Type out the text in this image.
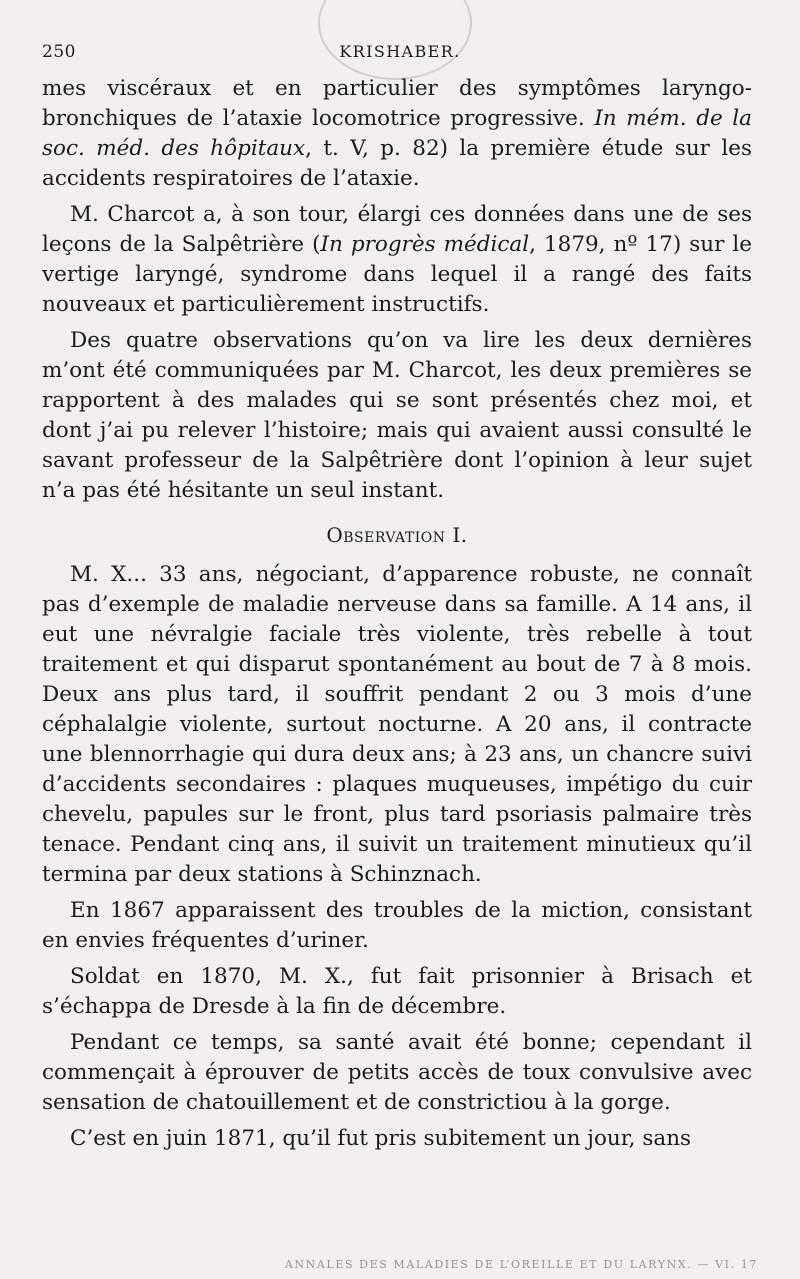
250	KRISHABER.

mes viscéraux et en particulier des symptômes laryngo-bronchiques de l’ataxie locomotrice progressive. In mém. de la soc. méd. des hôpitaux, t. V, p. 82) la première étude sur les accidents respiratoires de l’ataxie.

M. Charcot a, à son tour, élargi ces données dans une de ses leçons de la Salpêtrière (In progrès médical, 1879, nº 17) sur le vertige laryngé, syndrome dans lequel il a rangé des faits nouveaux et particulièrement instructifs.

Des quatre observations qu’on va lire les deux dernières m’ont été communiquées par M. Charcot, les deux premières se rapportent à des malades qui se sont présentés chez moi, et dont j’ai pu relever l’histoire; mais qui avaient aussi consulté le savant professeur de la Salpêtrière dont l’opinion à leur sujet n’a pas été hésitante un seul instant.

Observation I.

M. X... 33 ans, négociant, d’apparence robuste, ne connaît pas d’exemple de maladie nerveuse dans sa famille. A 14 ans, il eut une névralgie faciale très violente, très rebelle à tout traitement et qui disparut spontanément au bout de 7 à 8 mois. Deux ans plus tard, il souffrit pendant 2 ou 3 mois d’une céphalalgie violente, surtout nocturne. A 20 ans, il contracte une blennorrhagie qui dura deux ans; à 23 ans, un chancre suivi d’accidents secondaires : plaques muqueuses, impétigo du cuir chevelu, papules sur le front, plus tard psoriasis palmaire très tenace. Pendant cinq ans, il suivit un traitement minutieux qu’il termina par deux stations à Schinznach.

En 1867 apparaissent des troubles de la miction, consistant en envies fréquentes d’uriner.

Soldat en 1870, M. X., fut fait prisonnier à Brisach et s’échappa de Dresde à la fin de décembre.

Pendant ce temps, sa santé avait été bonne; cependant il commençait à éprouver de petits accès de toux convulsive avec sensation de chatouillement et de constrictiou à la gorge.

C’est en juin 1871, qu’il fut pris subitement un jour, sans

ANNALES DES MALADIES DE L’OREILLE ET DU LARYNX. — VI. 17
